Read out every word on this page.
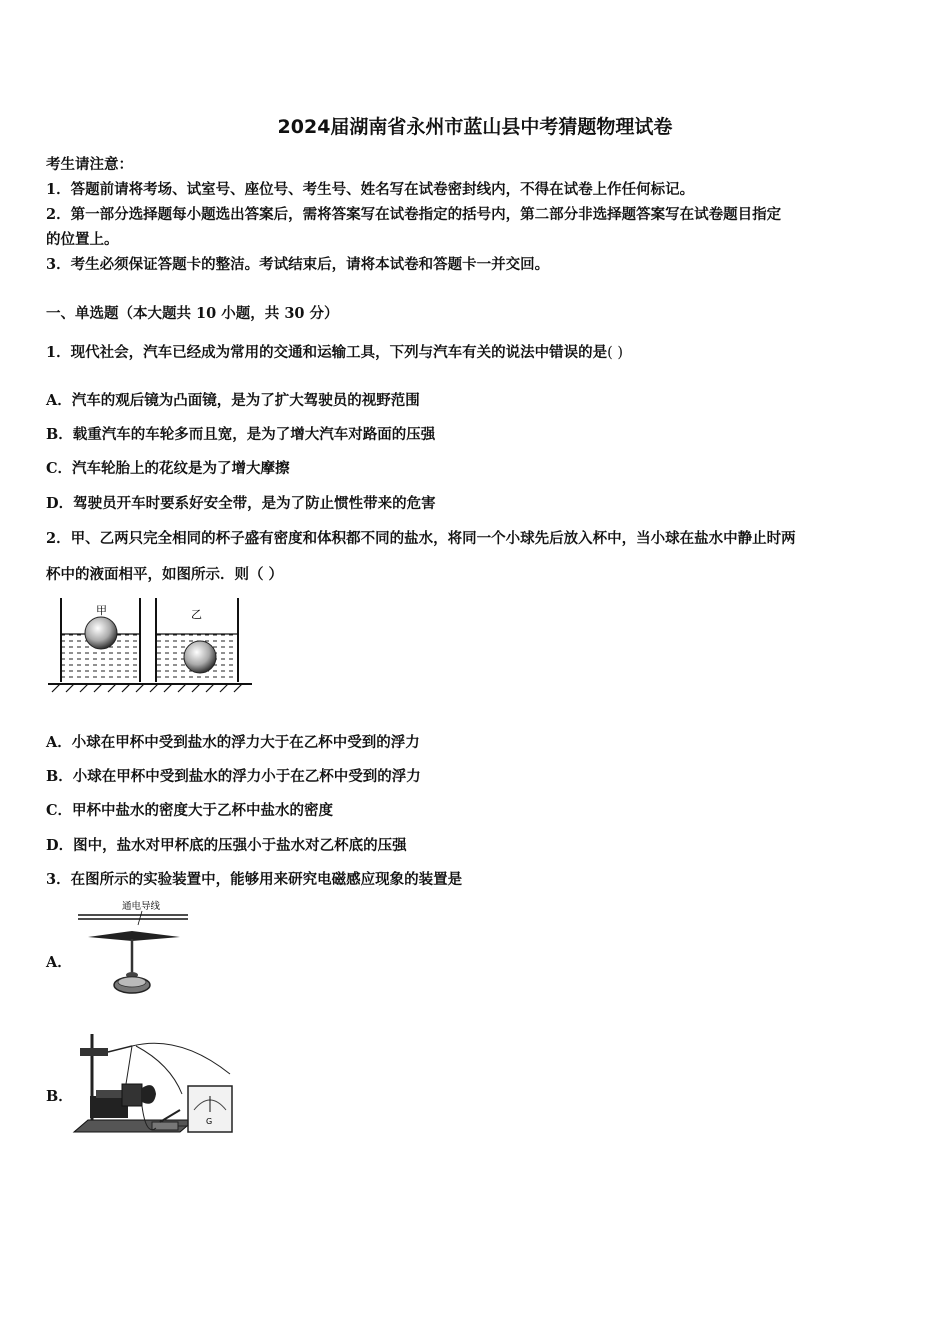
2024届湖南省永州市蓝山县中考猜题物理试卷
考生请注意：
1．答题前请将考场、试室号、座位号、考生号、姓名写在试卷密封线内，不得在试卷上作任何标记。
2．第一部分选择题每小题选出答案后，需将答案写在试卷指定的括号内，第二部分非选择题答案写在试卷题目指定
的位置上。
3．考生必须保证答题卡的整洁。考试结束后，请将本试卷和答题卡一并交回。
一、单选题（本大题共 10 小题，共 30 分）
1．现代社会，汽车已经成为常用的交通和运输工具，下列与汽车有关的说法中错误的是( )
A．汽车的观后镜为凸面镜，是为了扩大驾驶员的视野范围
B．载重汽车的车轮多而且宽，是为了增大汽车对路面的压强
C．汽车轮胎上的花纹是为了增大摩擦
D．驾驶员开车时要系好安全带，是为了防止惯性带来的危害
2．甲、乙两只完全相同的杯子盛有密度和体积都不同的盐水，将同一个小球先后放入杯中，当小球在盐水中静止时两
杯中的液面相平，如图所示．则（ ）
甲	乙
A．小球在甲杯中受到盐水的浮力大于在乙杯中受到的浮力
B．小球在甲杯中受到盐水的浮力小于在乙杯中受到的浮力
C．甲杯中盐水的密度大于乙杯中盐水的密度
D．图中，盐水对甲杯底的压强小于盐水对乙杯底的压强
3．在图所示的实验装置中，能够用来研究电磁感应现象的装置是
A．
通电导线
B．
G
